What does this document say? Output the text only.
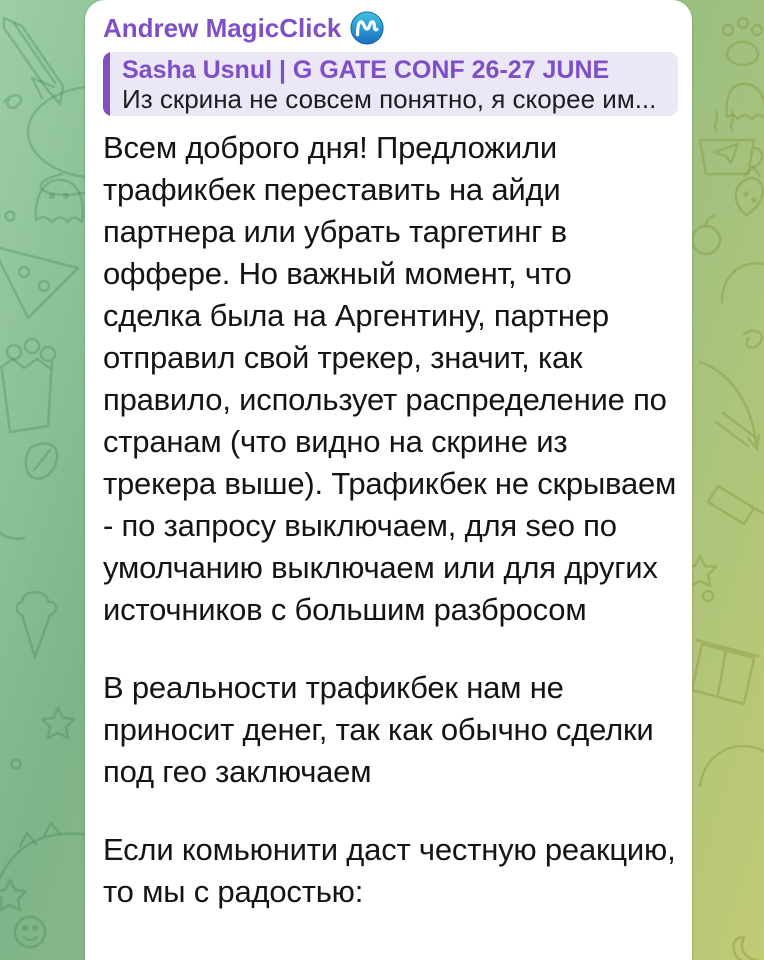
Andrew MagicClick
Sasha Usnul | G GATE CONF 26-27 JUNE
Из скрина не совсем понятно, я скорее им...

Всем доброго дня! Предложили трафикбек переставить на айди партнера или убрать таргетинг в оффере. Но важный момент, что сделка была на Аргентину, партнер отправил свой трекер, значит, как правило, использует распределение по странам (что видно на скрине из трекера выше). Трафикбек не скрываем - по запросу выключаем, для seo по умолчанию выключаем или для других источников с большим разбросом

В реальности трафикбек нам не приносит денег, так как обычно сделки под гео заключаем

Если комьюнити даст честную реакцию, то мы с радостью:
